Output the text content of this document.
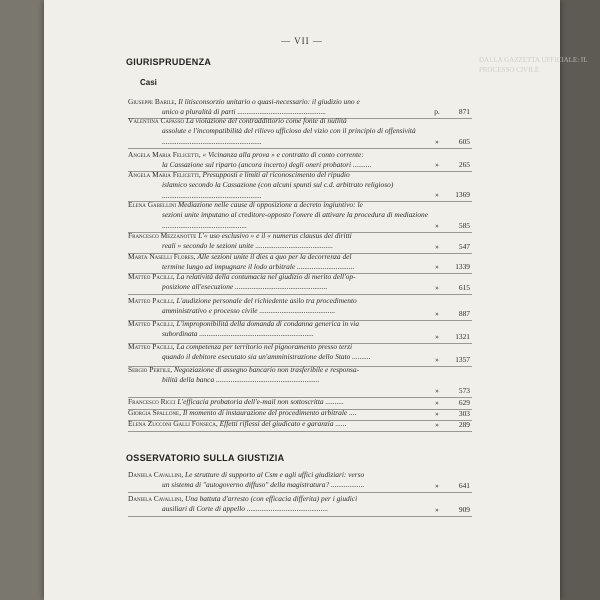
DALLA GAZZETTA UFFICIALE: IL PROCESSO CIVILE
— VII —
GIURISPRUDENZA
Casi
Giuseppe Barile, Il litisconsorzio unitario o quasi-necessario: il giudizio uno e
unico a pluralità di parti ................................................	p.	871
Valentina Capasso La violazione del contraddittorio come fonte di nullità
assolute e l'incompatibilità del rilievo ufficioso del vizio con il principio di offensività ......................................................	»	605
Angela Maria Felicetti, « Vicinanza alla prova » e contratto di conto corrente:
la Cassazione sul riparto (ancora incerto) degli oneri probatori ..........	»	265
Angela Maria Felicetti, Presupposti e limiti al riconoscimento del ripudio
islamico secondo la Cassazione (con alcuni spunti sul c.d. arbitrato religioso) ......................................................	»	1369
Elena Gabellini Mediazione nelle cause di opposizione a decreto ingiuntivo: le
sezioni unite imputano al creditore-opposto l'onere di attivare la procedura di mediazione ..............................................	»	585
Francesco Mezzanotte L'« uso esclusivo » e il « numerus clausus dei diritti
reali » secondo le sezioni unite ..........................................	»	547
Marta Naselli Flores, Alle sezioni unite il dies a quo per la decorrenza del
termine lungo ad impugnare il lodo arbitrale ...............................	»	1339
Matteo Pacilli, La relatività della contumacia nel giudizio di merito dell'op-
posizione all'esecuzione ..................................................	»	615
Matteo Pacilli, L'audizione personale del richiedente asilo tra procedimento
amministrativo e processo civile .........................................	»	887
Matteo Pacilli, L'improponibilità della domanda di condanna generica in via
subordinata ..............................................................	»	1321
Matteo Pacilli, La competenza per territorio nel pignoramento presso terzi
quando il debitore esecutato sia un'amministrazione dello Stato ..........	»	1357
Sergio Pertile, Negoziazione di assegno bancario non trasferibile e responsa-
bilità della banca ........................................................
»	573
Francesco Ricci L'efficacia probatoria dell'e-mail non sottoscritta ..........	»	629
Giorgia Spallone, Il momento di instaurazione del procedimento arbitrale ....	»	303
Elena Zucconi Galli Fonseca, Effetti riflessi del giudicato e garanzia ......	»	289
OSSERVATORIO SULLA GIUSTIZIA
Daniela Cavallini, Le strutture di supporto al Csm e agli uffici giudiziari: verso
un sistema di "autogoverno diffuso" della magistratura? ..................	»	641
Daniela Cavallini, Una battuta d'arresto (con efficacia differita) per i giudici
ausiliari di Corte di appello ............................................	»	909
